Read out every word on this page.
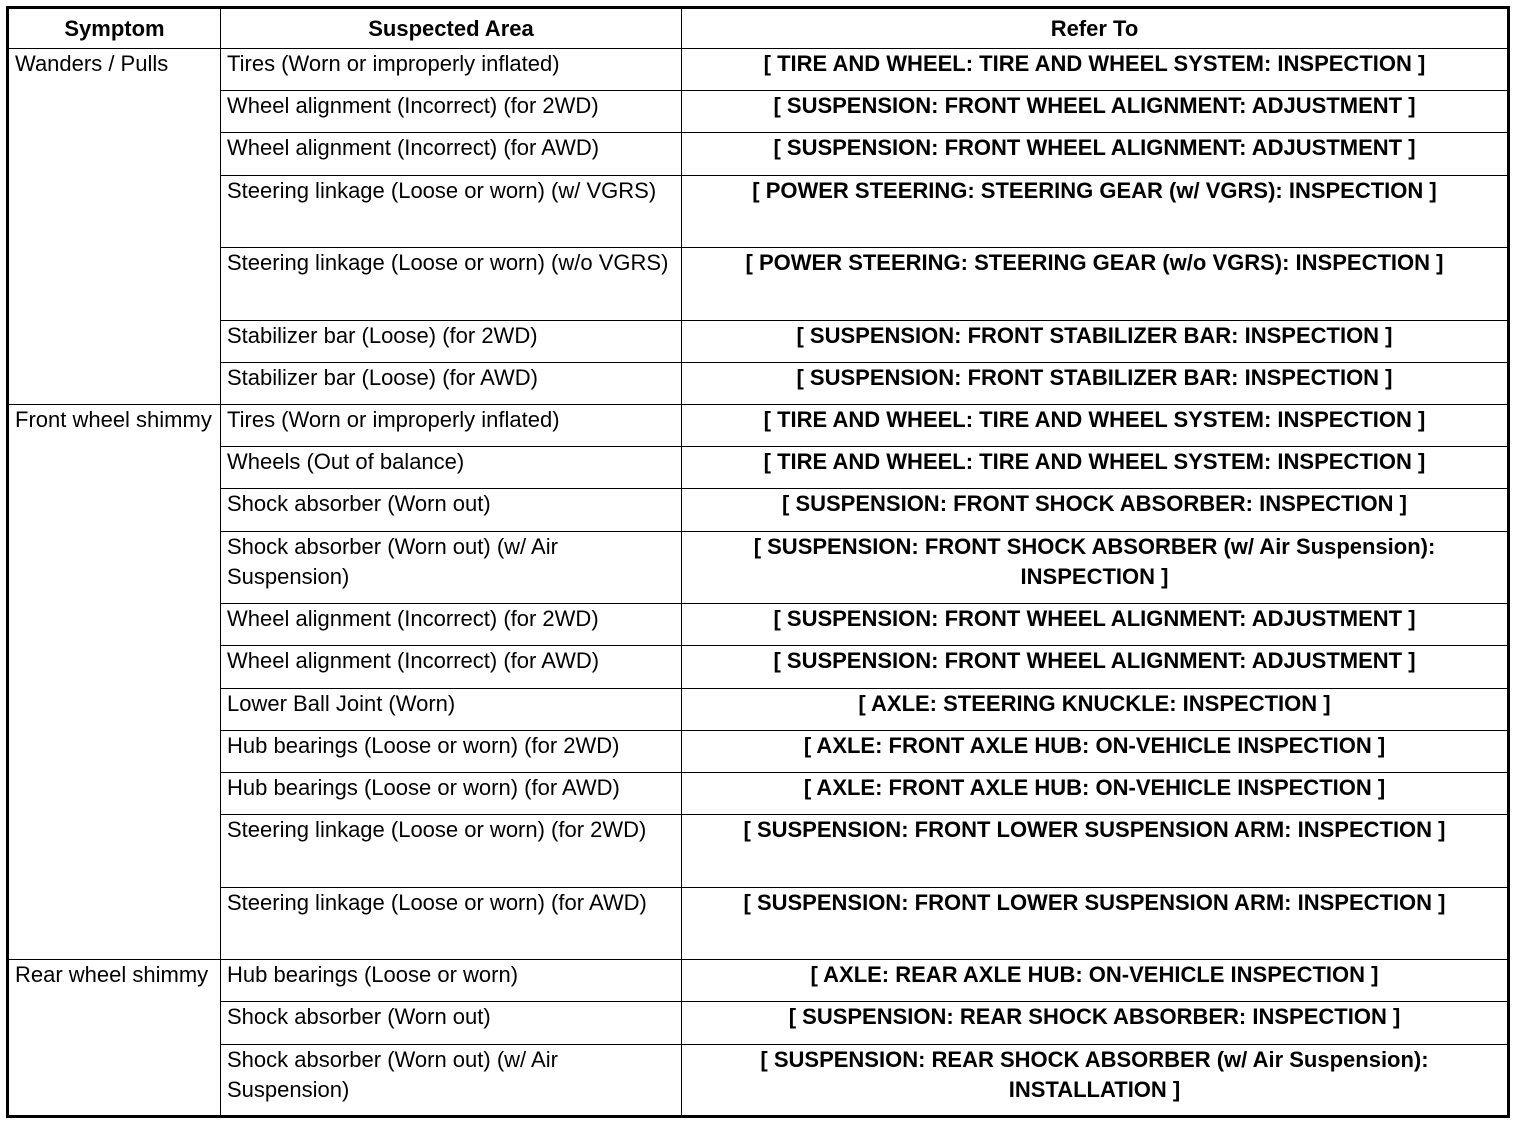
Symptom	Suspected Area	Refer To
Wanders / Pulls	Tires (Worn or improperly inflated)	[ TIRE AND WHEEL: TIRE AND WHEEL SYSTEM: INSPECTION ]
	Wheel alignment (Incorrect) (for 2WD)	[ SUSPENSION: FRONT WHEEL ALIGNMENT: ADJUSTMENT ]
	Wheel alignment (Incorrect) (for AWD)	[ SUSPENSION: FRONT WHEEL ALIGNMENT: ADJUSTMENT ]
	Steering linkage (Loose or worn) (w/ VGRS)	[ POWER STEERING: STEERING GEAR (w/ VGRS): INSPECTION ]
	Steering linkage (Loose or worn) (w/o VGRS)	[ POWER STEERING: STEERING GEAR (w/o VGRS): INSPECTION ]
	Stabilizer bar (Loose) (for 2WD)	[ SUSPENSION: FRONT STABILIZER BAR: INSPECTION ]
	Stabilizer bar (Loose) (for AWD)	[ SUSPENSION: FRONT STABILIZER BAR: INSPECTION ]
Front wheel shimmy	Tires (Worn or improperly inflated)	[ TIRE AND WHEEL: TIRE AND WHEEL SYSTEM: INSPECTION ]
	Wheels (Out of balance)	[ TIRE AND WHEEL: TIRE AND WHEEL SYSTEM: INSPECTION ]
	Shock absorber (Worn out)	[ SUSPENSION: FRONT SHOCK ABSORBER: INSPECTION ]
	Shock absorber (Worn out) (w/ Air Suspension)	[ SUSPENSION: FRONT SHOCK ABSORBER (w/ Air Suspension): INSPECTION ]
	Wheel alignment (Incorrect) (for 2WD)	[ SUSPENSION: FRONT WHEEL ALIGNMENT: ADJUSTMENT ]
	Wheel alignment (Incorrect) (for AWD)	[ SUSPENSION: FRONT WHEEL ALIGNMENT: ADJUSTMENT ]
	Lower Ball Joint (Worn)	[ AXLE: STEERING KNUCKLE: INSPECTION ]
	Hub bearings (Loose or worn) (for 2WD)	[ AXLE: FRONT AXLE HUB: ON-VEHICLE INSPECTION ]
	Hub bearings (Loose or worn) (for AWD)	[ AXLE: FRONT AXLE HUB: ON-VEHICLE INSPECTION ]
	Steering linkage (Loose or worn) (for 2WD)	[ SUSPENSION: FRONT LOWER SUSPENSION ARM: INSPECTION ]
	Steering linkage (Loose or worn) (for AWD)	[ SUSPENSION: FRONT LOWER SUSPENSION ARM: INSPECTION ]
Rear wheel shimmy	Hub bearings (Loose or worn)	[ AXLE: REAR AXLE HUB: ON-VEHICLE INSPECTION ]
	Shock absorber (Worn out)	[ SUSPENSION: REAR SHOCK ABSORBER: INSPECTION ]
	Shock absorber (Worn out) (w/ Air Suspension)	[ SUSPENSION: REAR SHOCK ABSORBER (w/ Air Suspension): INSTALLATION ]
